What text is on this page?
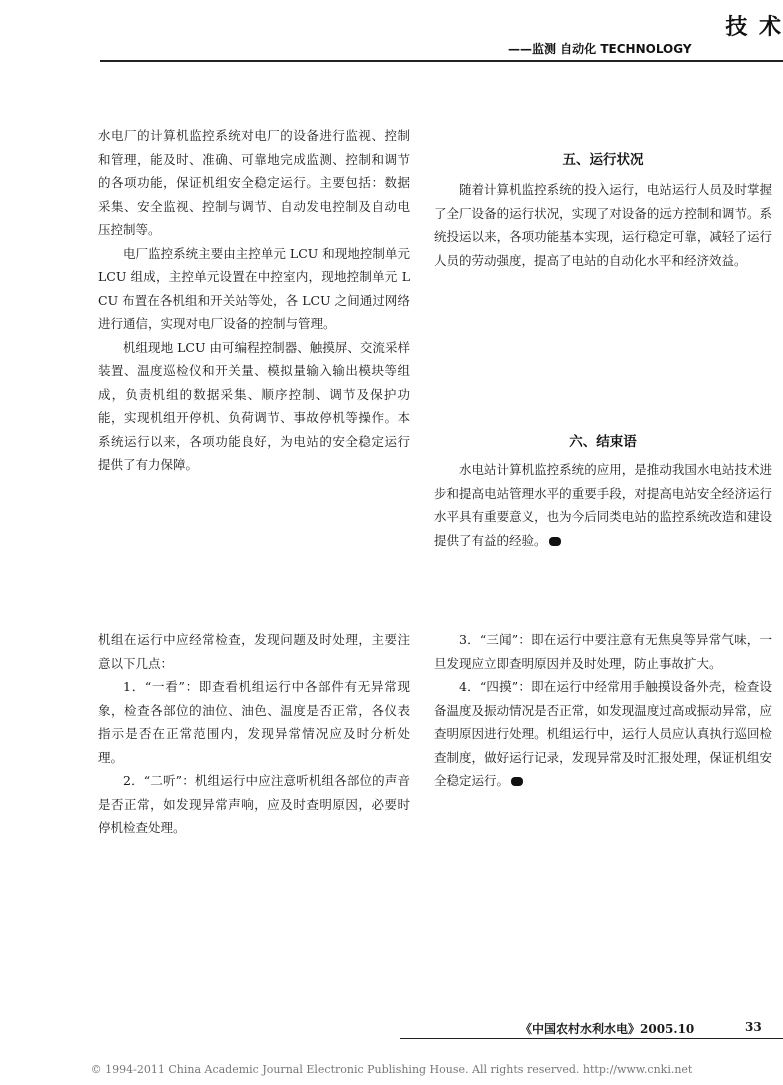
技 术
——监测 自动化 TECHNOLOGY

水电厂的计算机监控系统对电厂的设备进行监视、控制和管理，能及时、准确、可靠地完成监测、控制和调节的各项功能，保证机组安全稳定运行。主要包括：数据采集、安全监视、控制与调节、自动发电控制及自动电压控制等。

电厂监控系统主要由主控单元 LCU 和现地控制单元 LCU 组成，主控单元设置在中控室内，现地控制单元 LCU 布置在各机组和开关站等处，各 LCU 之间通过网络进行通信，实现对电厂设备的控制与管理。

机组现地 LCU 由可编程控制器、触摸屏、交流采样装置、温度巡检仪和开关量、模拟量输入输出模块等组成，负责机组的数据采集、顺序控制、调节及保护功能，实现机组开停机、负荷调节、事故停机等操作。本系统运行以来，各项功能良好，为电站的安全稳定运行提供了有力保障。

五、运行状况

随着计算机监控系统的投入运行，电站运行人员及时掌握了全厂设备的运行状况，实现了对设备的远方控制和调节。系统投运以来，各项功能基本实现，运行稳定可靠，减轻了运行人员的劳动强度，提高了电站的自动化水平和经济效益。

六、结束语

水电站计算机监控系统的应用，是推动我国水电站技术进步和提高电站管理水平的重要手段，对提高电站安全经济运行水平具有重要意义，也为今后同类电站的监控系统改造和建设提供了有益的经验。

机组在运行中应经常检查，发现问题及时处理，主要注意以下几点：

1．“一看”：即查看机组运行中各部件有无异常现象，检查各部位的油位、油色、温度是否正常，各仪表指示是否在正常范围内，发现异常情况应及时分析处理。

2．“二听”：机组运行中应注意听机组各部位的声音是否正常，如发现异常声响，应及时查明原因，必要时停机检查处理。

3．“三闻”：即在运行中要注意有无焦臭等异常气味，一旦发现应立即查明原因并及时处理，防止事故扩大。

4．“四摸”：即在运行中经常用手触摸设备外壳，检查设备温度及振动情况是否正常，如发现温度过高或振动异常，应查明原因进行处理。机组运行中，运行人员应认真执行巡回检查制度，做好运行记录，发现异常及时汇报处理，保证机组安全稳定运行。

《中国农村水利水电》2005.10	33
© 1994-2011 China Academic Journal Electronic Publishing House. All rights reserved. http://www.cnki.net
